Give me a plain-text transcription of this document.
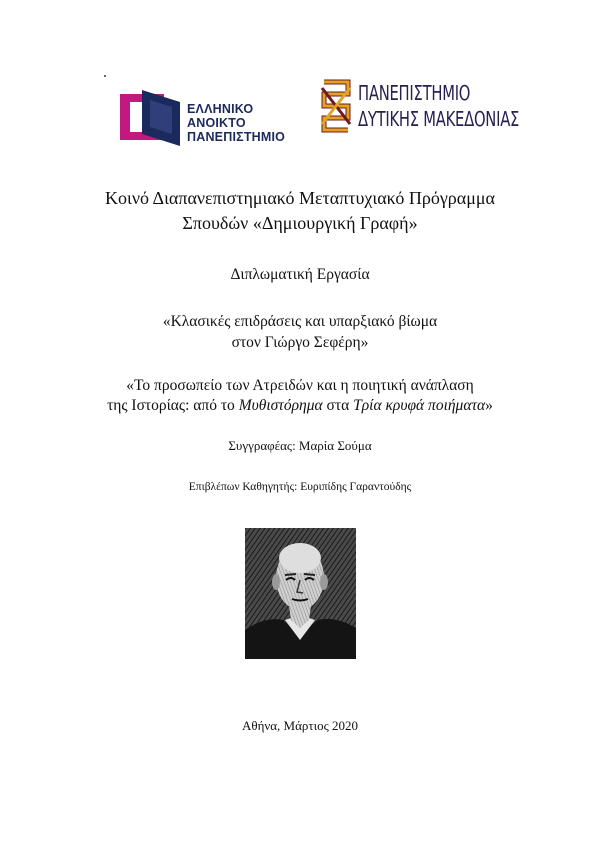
ΕΛΛΗΝΙΚΟ
ΑΝΟΙΚΤΟ
ΠΑΝΕΠΙΣΤΗΜΙΟ
ΠΑΝΕΠΙΣΤΗΜΙΟ
ΔΥΤΙΚΗΣ ΜΑΚΕΔΟΝΙΑΣ
Κοινό Διαπανεπιστημιακό Μεταπτυχιακό Πρόγραμμα
Σπουδών «Δημιουργική Γραφή»
Διπλωματική Εργασία
«Κλασικές επιδράσεις και υπαρξιακό βίωμα
στον Γιώργο Σεφέρη»
«Το προσωπείο των Ατρειδών και η ποιητική ανάπλαση
της Ιστορίας: από το Μυθιστόρημα στα Τρία κρυφά ποιήματα»
Συγγραφέας: Μαρία Σούμα
Επιβλέπων Καθηγητής: Ευριπίδης Γαραντούδης
Αθήνα, Μάρτιος 2020
